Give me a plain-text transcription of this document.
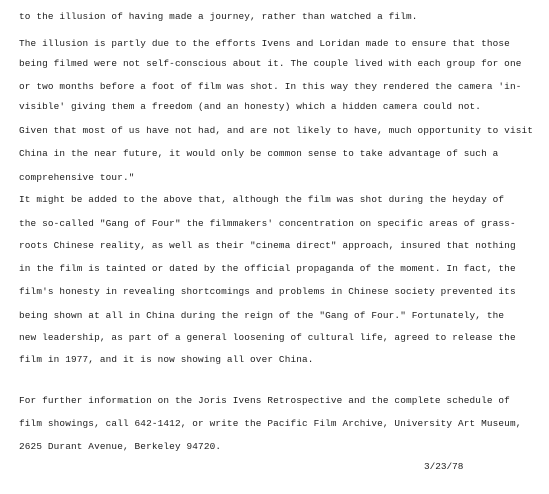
to the illusion of having made a journey, rather than watched a film.
The illusion is partly due to the efforts Ivens and Loridan made to ensure that those
being filmed were not self-conscious about it. The couple lived with each group for one
or two months before a foot of film was shot. In this way they rendered the camera 'in-
visible' giving them a freedom (and an honesty) which a hidden camera could not.
Given that most of us have not had, and are not likely to have, much opportunity to visit
China in the near future, it would only be common sense to take advantage of such a
comprehensive tour."
It might be added to the above that, although the film was shot during the heyday of
the so-called "Gang of Four" the filmmakers' concentration on specific areas of grass-
roots Chinese reality, as well as their "cinema direct" approach, insured that nothing
in the film is tainted or dated by the official propaganda of the moment. In fact, the
film's honesty in revealing shortcomings and problems in Chinese society prevented its
being shown at all in China during the reign of the "Gang of Four." Fortunately, the
new leadership, as part of a general loosening of cultural life, agreed to release the
film in 1977, and it is now showing all over China.
For further information on the Joris Ivens Retrospective and the complete schedule of
film showings, call 642-1412, or write the Pacific Film Archive, University Art Museum,
2625 Durant Avenue, Berkeley 94720.
3/23/78
